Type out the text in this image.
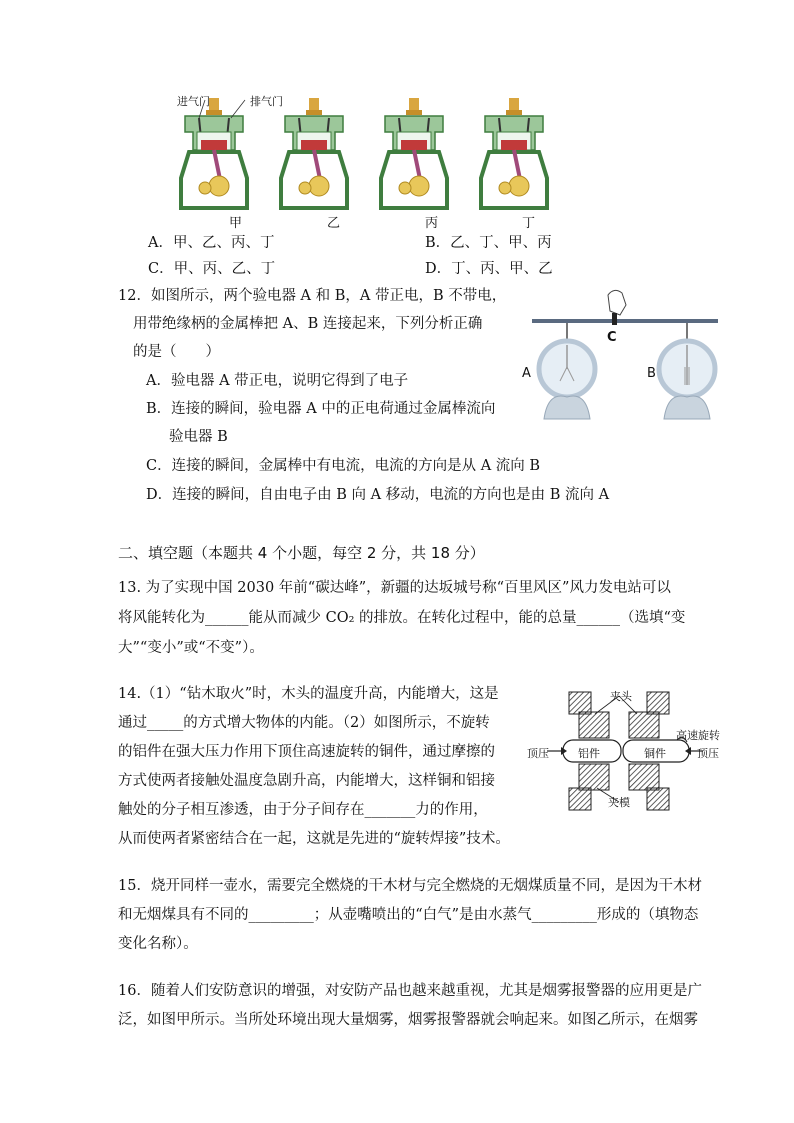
进气门	排气门
甲	乙	丙	丁
A．甲、乙、丙、丁	B．乙、丁、甲、丙
C．甲、丙、乙、丁	D．丁、丙、甲、乙
12．如图所示，两个验电器 A 和 B，A 带正电，B 不带电，
用带绝缘柄的金属棒把 A、B 连接起来，下列分析正确
的是（　　）
A．验电器 A 带正电，说明它得到了电子
B．连接的瞬间，验电器 A 中的正电荷通过金属棒流向
验电器 B
C．连接的瞬间，金属棒中有电流，电流的方向是从 A 流向 B
D．连接的瞬间，自由电子由 B 向 A 移动，电流的方向也是由 B 流向 A
C
A	B
二、填空题（本题共 4 个小题，每空 2 分，共 18 分）
13. 为了实现中国 2030 年前“碳达峰”，新疆的达坂城号称“百里风区”风力发电站可以
将风能转化为______能从而减少 CO₂ 的排放。在转化过程中，能的总量______（选填“变
大”“变小”或“不变”）。
14.（1）“钻木取火”时，木头的温度升高，内能增大，这是
通过_____的方式增大物体的内能。（2）如图所示，不旋转
的铝件在强大压力作用下顶住高速旋转的铜件，通过摩擦的
方式使两者接触处温度急剧升高，内能增大，这样铜和铝接
触处的分子相互渗透，由于分子间存在_______力的作用，
从而使两者紧密结合在一起，这就是先进的“旋转焊接”技术。
夹头
高速旋转
顶压	顶压
铝件	铜件
夹模
15．烧开同样一壶水，需要完全燃烧的干木材与完全燃烧的无烟煤质量不同，是因为干木材
和无烟煤具有不同的_________；从壶嘴喷出的“白气”是由水蒸气_________形成的（填物态
变化名称）。
16．随着人们安防意识的增强，对安防产品也越来越重视，尤其是烟雾报警器的应用更是广
泛，如图甲所示。当所处环境出现大量烟雾，烟雾报警器就会响起来。如图乙所示，在烟雾
